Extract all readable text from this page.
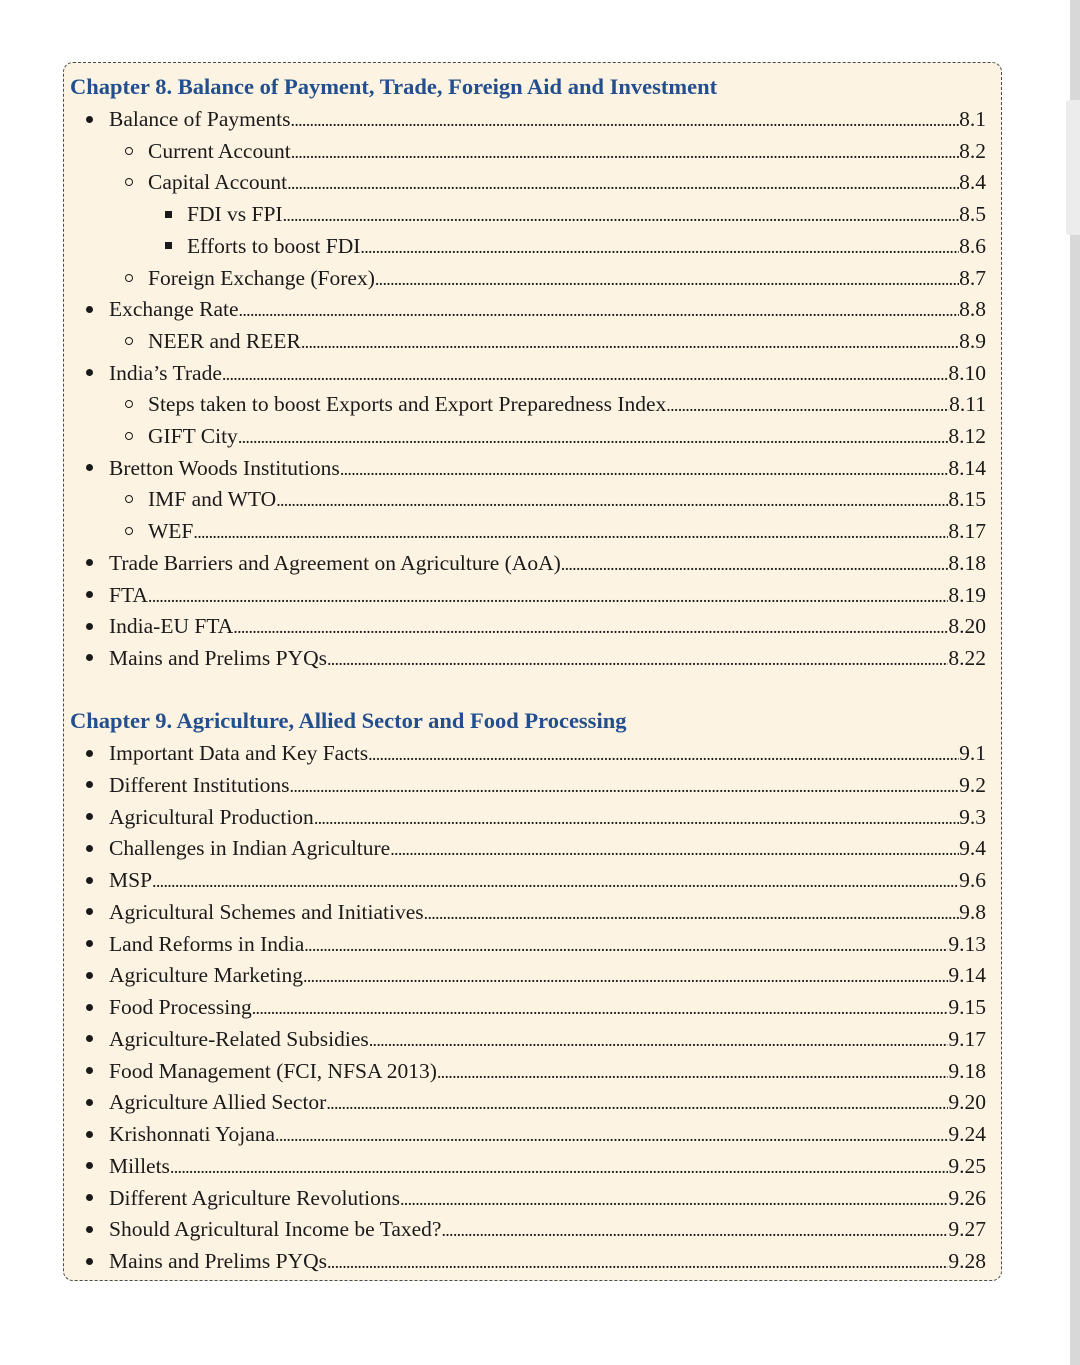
Chapter 8. Balance of Payment, Trade, Foreign Aid and Investment
Balance of Payments . . .	8.1
Current Account . . .	8.2
Capital Account . . .	8.4
FDI vs FPI . . .	8.5
Efforts to boost FDI . . .	8.6
Foreign Exchange (Forex) . . .	8.7
Exchange Rate . . .	8.8
NEER and REER . . .	8.9
India’s Trade . . .	8.10
Steps taken to boost Exports and Export Preparedness Index . . .	8.11
GIFT City . . .	8.12
Bretton Woods Institutions . . .	8.14
IMF and WTO . . .	8.15
WEF . . .	8.17
Trade Barriers and Agreement on Agriculture (AoA) . . .	8.18
FTA . . .	8.19
India-EU FTA . . .	8.20
Mains and Prelims PYQs . . .	8.22
Chapter 9. Agriculture, Allied Sector and Food Processing
Important Data and Key Facts . . .	9.1
Different Institutions . . .	9.2
Agricultural Production . . .	9.3
Challenges in Indian Agriculture . . .	9.4
MSP . . .	9.6
Agricultural Schemes and Initiatives . . .	9.8
Land Reforms in India . . .	9.13
Agriculture Marketing . . .	9.14
Food Processing . . .	9.15
Agriculture-Related Subsidies . . .	9.17
Food Management (FCI, NFSA 2013) . . .	9.18
Agriculture Allied Sector . . .	9.20
Krishonnati Yojana . . .	9.24
Millets . . .	9.25
Different Agriculture Revolutions . . .	9.26
Should Agricultural Income be Taxed? . . .	9.27
Mains and Prelims PYQs . . .	9.28
